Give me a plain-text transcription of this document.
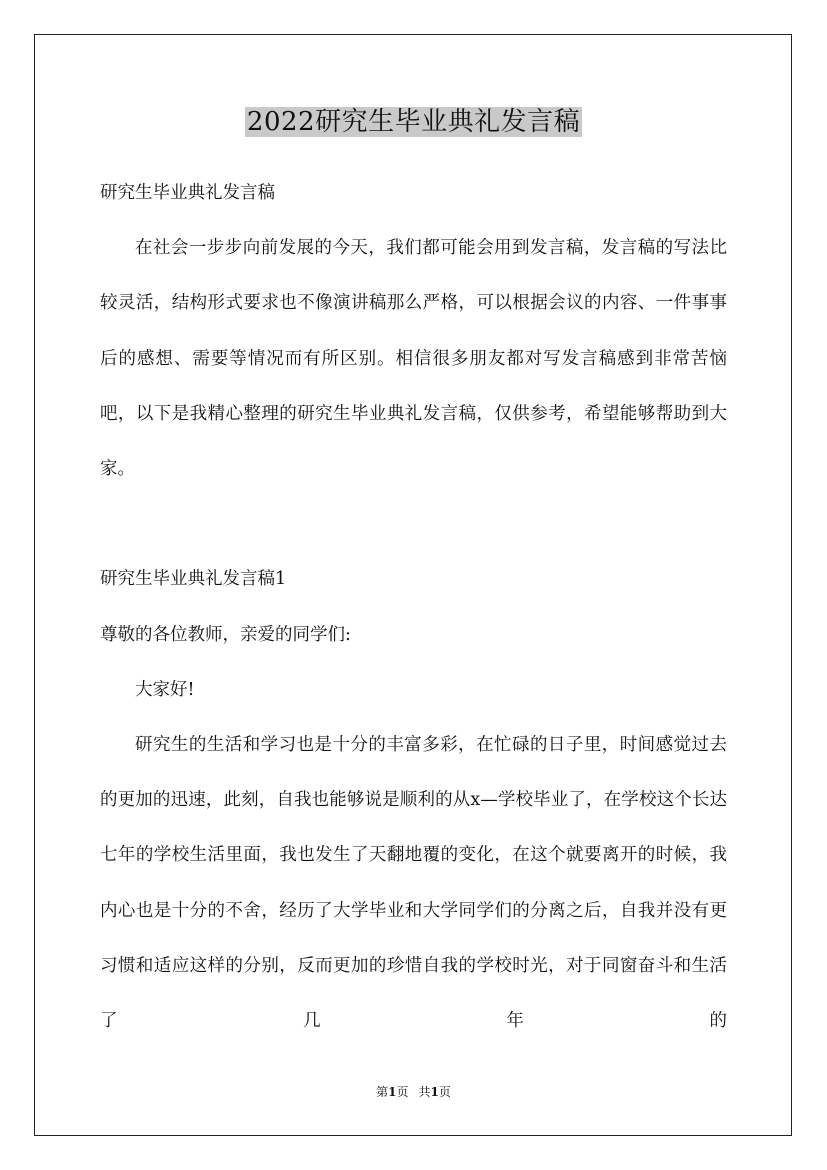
2022研究生毕业典礼发言稿

研究生毕业典礼发言稿

在社会一步步向前发展的今天，我们都可能会用到发言稿，发言稿的写法比较灵活，结构形式要求也不像演讲稿那么严格，可以根据会议的内容、一件事事后的感想、需要等情况而有所区别。相信很多朋友都对写发言稿感到非常苦恼吧，以下是我精心整理的研究生毕业典礼发言稿，仅供参考，希望能够帮助到大家。

研究生毕业典礼发言稿1

尊敬的各位教师，亲爱的同学们:

大家好!

研究生的生活和学习也是十分的丰富多彩，在忙碌的日子里，时间感觉过去的更加的迅速，此刻，自我也能够说是顺利的从x—学校毕业了，在学校这个长达七年的学校生活里面，我也发生了天翻地覆的变化，在这个就要离开的时候，我内心也是十分的不舍，经历了大学毕业和大学同学们的分离之后，自我并没有更习惯和适应这样的分别，反而更加的珍惜自我的学校时光，对于同窗奋斗和生活了几年的

第1页 共1页
